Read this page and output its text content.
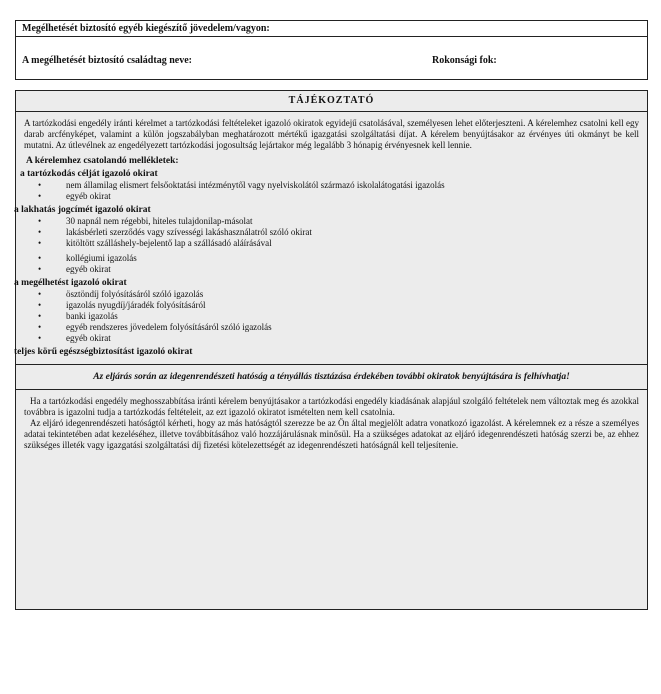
Megélhetését biztosító egyéb kiegészítő jövedelem/vagyon:
A megélhetését biztosító családtag neve:	Rokonsági fok:
TÁJÉKOZTATÓ
A tartózkodási engedély iránti kérelmet a tartózkodási feltételeket igazoló okiratok egyidejű csatolásával, személyesen lehet előterjeszteni. A kérelemhez csatolni kell egy darab arcfényképet, valamint a külön jogszabályban meghatározott mértékű igazgatási szolgáltatási díjat. A kérelem benyújtásakor az érvényes úti okmányt be kell mutatni. Az útlevélnek az engedélyezett tartózkodási jogosultság lejártakor még legalább 3 hónapig érvényesnek kell lennie.
A kérelemhez csatolandó mellékletek:
a tartózkodás célját igazoló okirat
• nem államilag elismert felsőoktatási intézménytől vagy nyelviskolától származó iskolalátogatási igazolás
• egyéb okirat
a lakhatás jogcímét igazoló okirat
• 30 napnál nem régebbi, hiteles tulajdonilap-másolat
• lakásbérleti szerződés vagy szívességi lakáshasználatról szóló okirat
• kitöltött szálláshely-bejelentő lap a szállásadó aláírásával
• kollégiumi igazolás
• egyéb okirat
a megélhetést igazoló okirat
• ösztöndíj folyósításáról szóló igazolás
• igazolás nyugdíj/járadék folyósításáról
• banki igazolás
• egyéb rendszeres jövedelem folyósításáról szóló igazolás
• egyéb okirat
teljes körű egészségbiztosítást igazoló okirat
Az eljárás során az idegenrendészeti hatóság a tényállás tisztázása érdekében további okiratok benyújtására is felhívhatja!

Ha a tartózkodási engedély meghosszabbítása iránti kérelem benyújtásakor a tartózkodási engedély kiadásának alapjául szolgáló feltételek nem változtak meg és azokkal továbbra is igazolni tudja a tartózkodás feltételeit, az ezt igazoló okiratot ismételten nem kell csatolnia.

Az eljáró idegenrendészeti hatóságtól kérheti, hogy az más hatóságtól szerezze be az Ön által megjelölt adatra vonatkozó igazolást. A kérelemnek ez a része a személyes adatai tekintetében adat kezeléséhez, illetve továbbításához való hozzájárulásnak minősül. Ha a szükséges adatokat az eljáró idegenrendészeti hatóság szerzi be, az ehhez szükséges illeték vagy igazgatási szolgáltatási díj fizetési kötelezettségét az idegenrendészeti hatóságnál kell teljesítenie.
